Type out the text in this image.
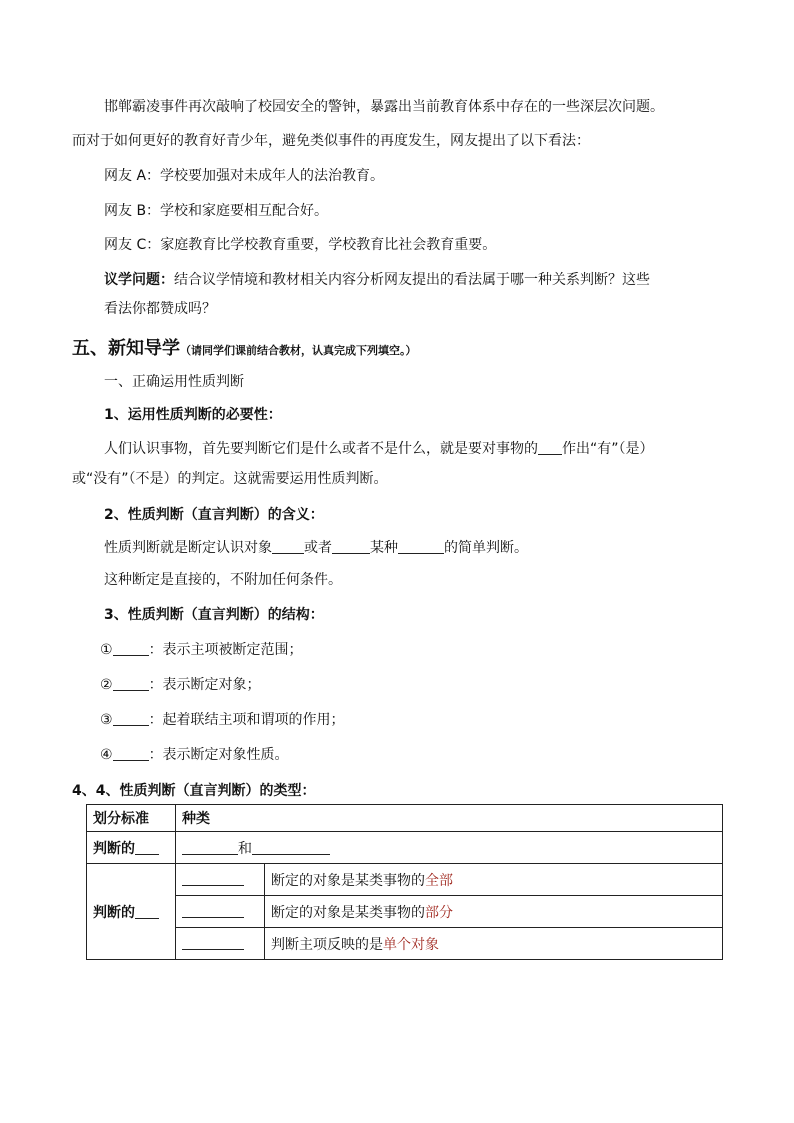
邯郸霸凌事件再次敲响了校园安全的警钟，暴露出当前教育体系中存在的一些深层次问题。
而对于如何更好的教育好青少年，避免类似事件的再度发生，网友提出了以下看法：
网友 A：学校要加强对未成年人的法治教育。
网友 B：学校和家庭要相互配合好。
网友 C：家庭教育比学校教育重要，学校教育比社会教育重要。
议学问题：结合议学情境和教材相关内容分析网友提出的看法属于哪一种关系判断？这些
看法你都赞成吗？
五、新知导学（请同学们课前结合教材，认真完成下列填空。）
一、正确运用性质判断
1、运用性质判断的必要性：
人们认识事物，首先要判断它们是什么或者不是什么，就是要对事物的 作出“有”（是）
或“没有”（不是）的判定。这就需要运用性质判断。
2、性质判断（直言判断）的含义：
性质判断就是断定认识对象 或者	某种	的简单判断。
这种断定是直接的，不附加任何条件。
3、性质判断（直言判断）的结构：
①	：表示主项被断定范围；
②	：表示断定对象；
③	：起着联结主项和谓项的作用；
④	：表示断定对象性质。
4、4、性质判断（直言判断）的类型：
划分标准	种类	
判断的	和	
判断的		断定的对象是某类事物的全部
		断定的对象是某类事物的部分
		判断主项反映的是单个对象
